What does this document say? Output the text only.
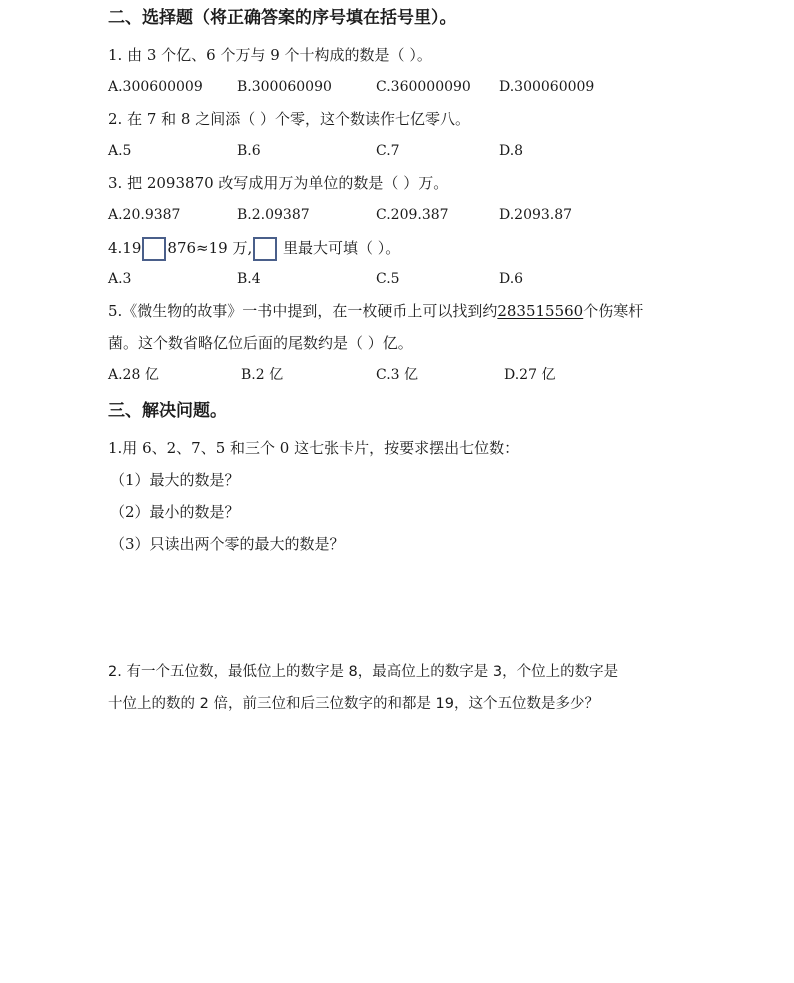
二、选择题（将正确答案的序号填在括号里）。
1. 由 3 个亿、6 个万与 9 个十构成的数是（ ）。
A.300600009 B.300060090	C.360000090 D.300060009
2. 在 7 和 8 之间添（ ）个零，这个数读作七亿零八。
A.5	B.6	C.7	D.8
3. 把 2093870 改写成用万为单位的数是（ ）万。
A.20.9387	B.2.09387	C.209.387	D.2093.87
4.19 876≈19 万, 里最大可填（ ）。
A.3	B.4	C.5	D.6
5.《微生物的故事》一书中提到，在一枚硬币上可以找到约283515560个伤寒杆
菌。这个数省略亿位后面的尾数约是（ ）亿。
A.28 亿	B.2 亿	C.3 亿	D.27 亿
三、解决问题。
1.用 6、2、7、5 和三个 0 这七张卡片，按要求摆出七位数：
（1）最大的数是？
（2）最小的数是？
（3）只读出两个零的最大的数是？
2. 有一个五位数，最低位上的数字是 8，最高位上的数字是 3，个位上的数字是
十位上的数的 2 倍，前三位和后三位数字的和都是 19，这个五位数是多少？
